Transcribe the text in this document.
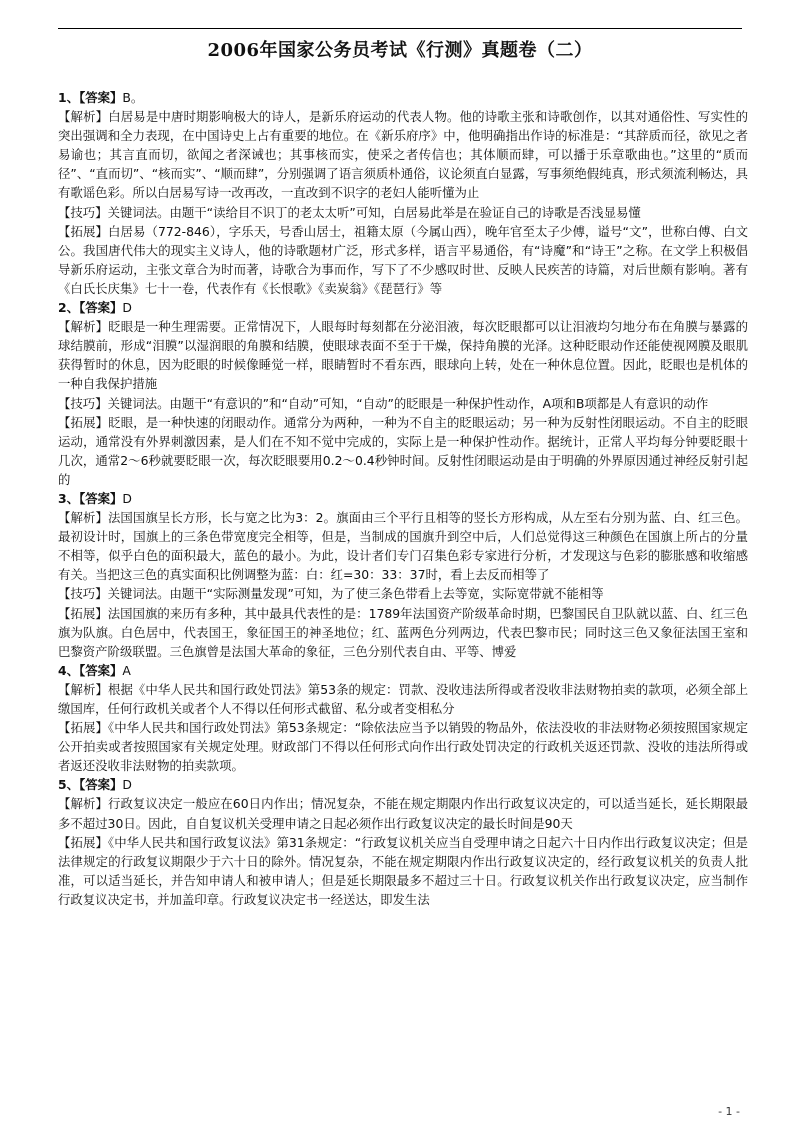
2006年国家公务员考试《行测》真题卷（二）

1、【答案】B。

【解析】白居易是中唐时期影响极大的诗人，是新乐府运动的代表人物。他的诗歌主张和诗歌创作，以其对通俗性、写实性的突出强调和全力表现，在中国诗史上占有重要的地位。在《新乐府序》中，他明确指出作诗的标准是：“其辞质而径，欲见之者易谕也；其言直而切，欲闻之者深诫也；其事核而实，使采之者传信也；其体顺而肆，可以播于乐章歌曲也。”这里的“质而径”、“直而切”、“核而实”、“顺而肆”，分别强调了语言须质朴通俗，议论须直白显露，写事须绝假纯真，形式须流利畅达，具有歌谣色彩。所以白居易写诗一改再改，一直改到不识字的老妇人能听懂为止

【技巧】关键词法。由题干“读给目不识丁的老太太听”可知，白居易此举是在验证自己的诗歌是否浅显易懂

【拓展】白居易（772-846），字乐天，号香山居士，祖籍太原（今属山西），晚年官至太子少傅，谥号“文”，世称白傅、白文公。我国唐代伟大的现实主义诗人，他的诗歌题材广泛，形式多样，语言平易通俗，有“诗魔”和“诗王”之称。在文学上积极倡导新乐府运动，主张文章合为时而著，诗歌合为事而作，写下了不少感叹时世、反映人民疾苦的诗篇，对后世颇有影响。著有《白氏长庆集》七十一卷，代表作有《长恨歌》《卖炭翁》《琵琶行》等

2、【答案】D

【解析】眨眼是一种生理需要。正常情况下，人眼每时每刻都在分泌泪液，每次眨眼都可以让泪液均匀地分布在角膜与暴露的球结膜前，形成“泪膜”以湿润眼的角膜和结膜，使眼球表面不至于干燥，保持角膜的光泽。这种眨眼动作还能使视网膜及眼肌获得暂时的休息，因为眨眼的时候像睡觉一样，眼睛暂时不看东西，眼球向上转，处在一种休息位置。因此，眨眼也是机体的一种自我保护措施

【技巧】关键词法。由题干“有意识的”和“自动”可知，“自动”的眨眼是一种保护性动作，A项和B项都是人有意识的动作

【拓展】眨眼，是一种快速的闭眼动作。通常分为两种，一种为不自主的眨眼运动；另一种为反射性闭眼运动。不自主的眨眼运动，通常没有外界刺激因素，是人们在不知不觉中完成的，实际上是一种保护性动作。据统计，正常人平均每分钟要眨眼十几次，通常2～6秒就要眨眼一次，每次眨眼要用0.2～0.4秒钟时间。反射性闭眼运动是由于明确的外界原因通过神经反射引起的

3、【答案】D

【解析】法国国旗呈长方形，长与宽之比为3：2。旗面由三个平行且相等的竖长方形构成，从左至右分别为蓝、白、红三色。最初设计时，国旗上的三条色带宽度完全相等，但是，当制成的国旗升到空中后，人们总觉得这三种颜色在国旗上所占的分量不相等，似乎白色的面积最大，蓝色的最小。为此，设计者们专门召集色彩专家进行分析，才发现这与色彩的膨胀感和收缩感有关。当把这三色的真实面积比例调整为蓝：白：红=30：33：37时，看上去反而相等了

【技巧】关键词法。由题干“实际测量发现”可知，为了使三条色带看上去等宽，实际宽带就不能相等

【拓展】法国国旗的来历有多种，其中最具代表性的是：1789年法国资产阶级革命时期，巴黎国民自卫队就以蓝、白、红三色旗为队旗。白色居中，代表国王，象征国王的神圣地位；红、蓝两色分列两边，代表巴黎市民；同时这三色又象征法国王室和巴黎资产阶级联盟。三色旗曾是法国大革命的象征，三色分别代表自由、平等、博爱

4、【答案】A

【解析】根据《中华人民共和国行政处罚法》第53条的规定：罚款、没收违法所得或者没收非法财物拍卖的款项，必须全部上缴国库，任何行政机关或者个人不得以任何形式截留、私分或者变相私分

【拓展】《中华人民共和国行政处罚法》第53条规定：“除依法应当予以销毁的物品外，依法没收的非法财物必须按照国家规定公开拍卖或者按照国家有关规定处理。财政部门不得以任何形式向作出行政处罚决定的行政机关返还罚款、没收的违法所得或者返还没收非法财物的拍卖款项。

5、【答案】D

【解析】行政复议决定一般应在60日内作出；情况复杂，不能在规定期限内作出行政复议决定的，可以适当延长，延长期限最多不超过30日。因此，自自复议机关受理申请之日起必须作出行政复议决定的最长时间是90天

【拓展】《中华人民共和国行政复议法》第31条规定：“行政复议机关应当自受理申请之日起六十日内作出行政复议决定；但是法律规定的行政复议期限少于六十日的除外。情况复杂，不能在规定期限内作出行政复议决定的，经行政复议机关的负责人批准，可以适当延长，并告知申请人和被申请人；但是延长期限最多不超过三十日。行政复议机关作出行政复议决定，应当制作行政复议决定书，并加盖印章。行政复议决定书一经送达，即发生法

- 1 -
